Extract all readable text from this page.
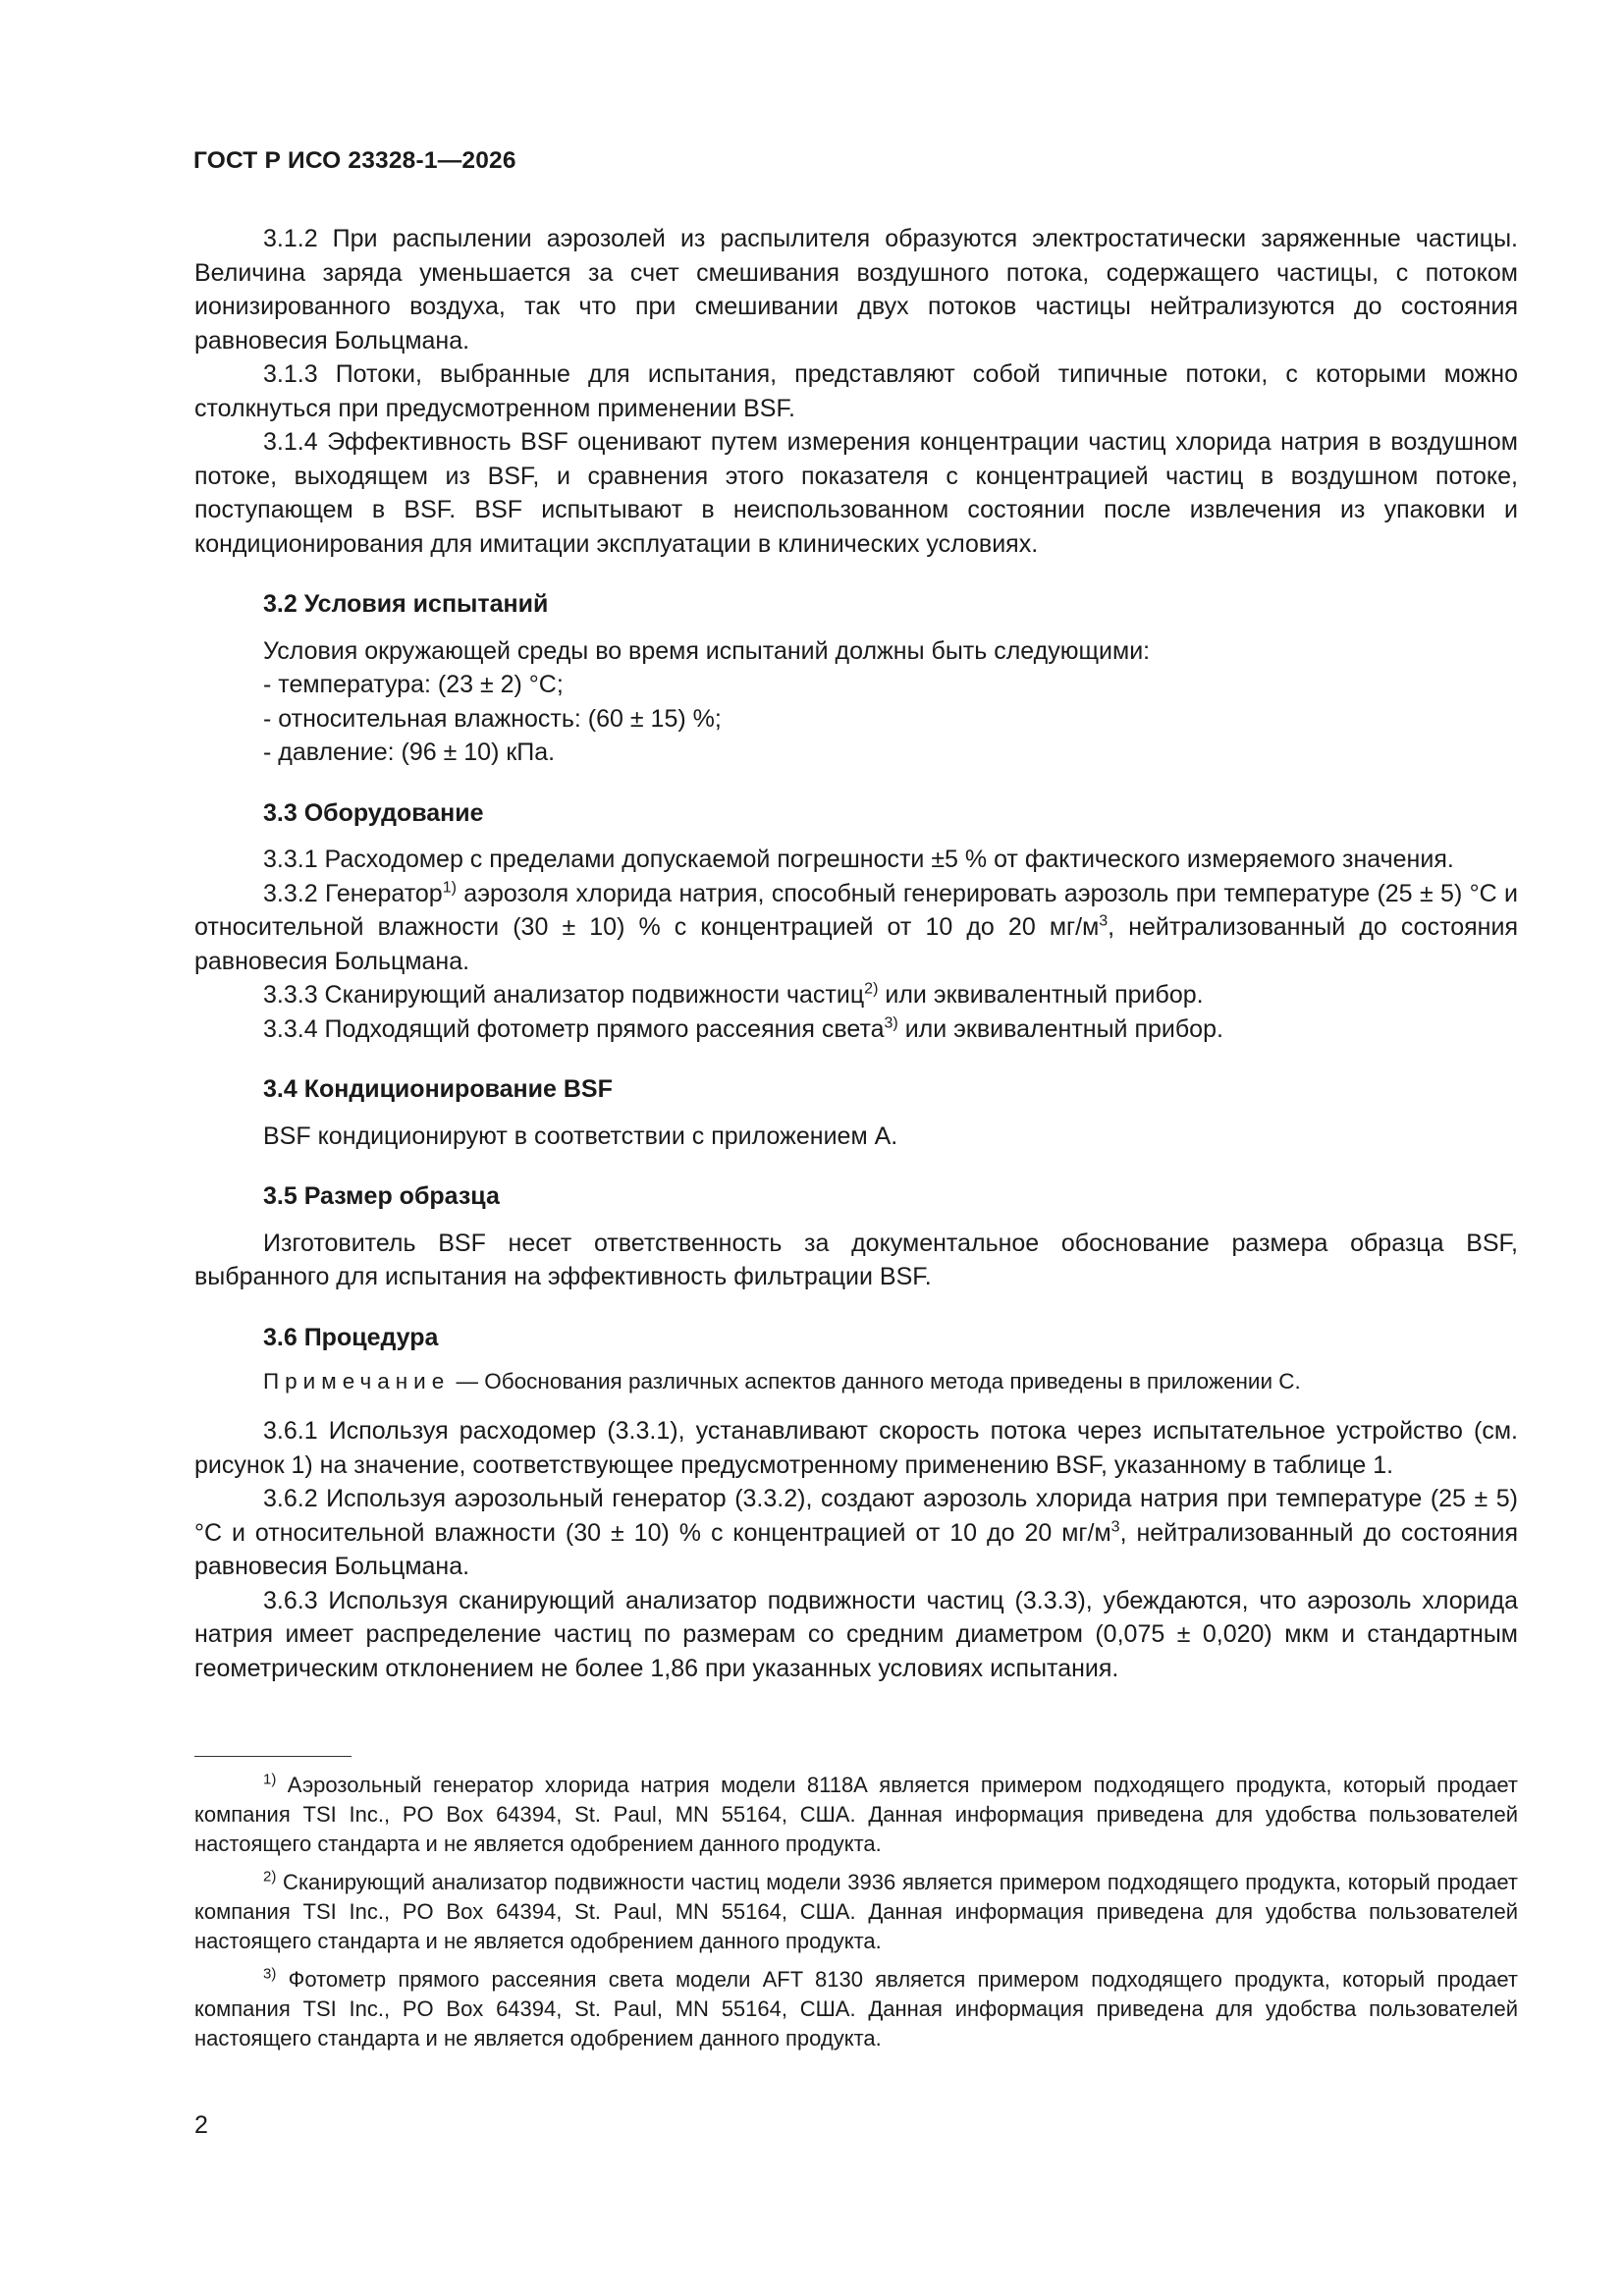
ГОСТ Р ИСО 23328-1—2026

3.1.2 При распылении аэрозолей из распылителя образуются электростатически заряженные частицы. Величина заряда уменьшается за счет смешивания воздушного потока, содержащего частицы, с потоком ионизированного воздуха, так что при смешивании двух потоков частицы нейтрализуются до состояния равновесия Больцмана.

3.1.3 Потоки, выбранные для испытания, представляют собой типичные потоки, с которыми можно столкнуться при предусмотренном применении BSF.

3.1.4 Эффективность BSF оценивают путем измерения концентрации частиц хлорида натрия в воздушном потоке, выходящем из BSF, и сравнения этого показателя с концентрацией частиц в воздушном потоке, поступающем в BSF. BSF испытывают в неиспользованном состоянии после извлечения из упаковки и кондиционирования для имитации эксплуатации в клинических условиях.

3.2 Условия испытаний

Условия окружающей среды во время испытаний должны быть следующими:

- температура: (23 ± 2) °С;
- относительная влажность: (60 ± 15) %;
- давление: (96 ± 10) кПа.
3.3 Оборудование

3.3.1 Расходомер с пределами допускаемой погрешности ±5 % от фактического измеряемого значения.

3.3.2 Генератор$^{1)}$ аэрозоля хлорида натрия, способный генерировать аэрозоль при температуре (25 ± 5) °С и относительной влажности (30 ± 10) % с концентрацией от 10 до 20 $мг/м^3$, нейтрализованный до состояния равновесия Больцмана.

3.3.3 Сканирующий анализатор подвижности частиц$^{2)}$ или эквивалентный прибор.

3.3.4 Подходящий фотометр прямого рассеяния света$^{3)}$ или эквивалентный прибор.

3.4 Кондиционирование BSF

BSF кондиционируют в соответствии с приложением А.

3.5 Размер образца

Изготовитель BSF несет ответственность за документальное обоснование размера образца BSF, выбранного для испытания на эффективность фильтрации BSF.

3.6 Процедура
Примечание — Обоснования различных аспектов данного метода приведены в приложении С.

3.6.1 Используя расходомер (3.3.1), устанавливают скорость потока через испытательное устройство (см. рисунок 1) на значение, соответствующее предусмотренному применению BSF, указанному в таблице 1.

3.6.2 Используя аэрозольный генератор (3.3.2), создают аэрозоль хлорида натрия при температуре (25 ± 5) °С и относительной влажности (30 ± 10) % с концентрацией от 10 до 20 $мг/м^3$, нейтрализованный до состояния равновесия Больцмана.

3.6.3 Используя сканирующий анализатор подвижности частиц (3.3.3), убеждаются, что аэрозоль хлорида натрия имеет распределение частиц по размерам со средним диаметром (0,075 ± 0,020) мкм и стандартным геометрическим отклонением не более 1,86 при указанных условиях испытания.

$^{1)}$ Аэрозольный генератор хлорида натрия модели 8118А является примером подходящего продукта, который продает компания TSI Inc., PO Box 64394, St. Paul, MN 55164, США. Данная информация приведена для удобства пользователей настоящего стандарта и не является одобрением данного продукта.

$^{2)}$ Сканирующий анализатор подвижности частиц модели 3936 является примером подходящего продукта, который продает компания TSI Inc., PO Box 64394, St. Paul, MN 55164, США. Данная информация приведена для удобства пользователей настоящего стандарта и не является одобрением данного продукта.

$^{3)}$ Фотометр прямого рассеяния света модели AFT 8130 является примером подходящего продукта, который продает компания TSI Inc., PO Box 64394, St. Paul, MN 55164, США. Данная информация приведена для удобства пользователей настоящего стандарта и не является одобрением данного продукта.

2
